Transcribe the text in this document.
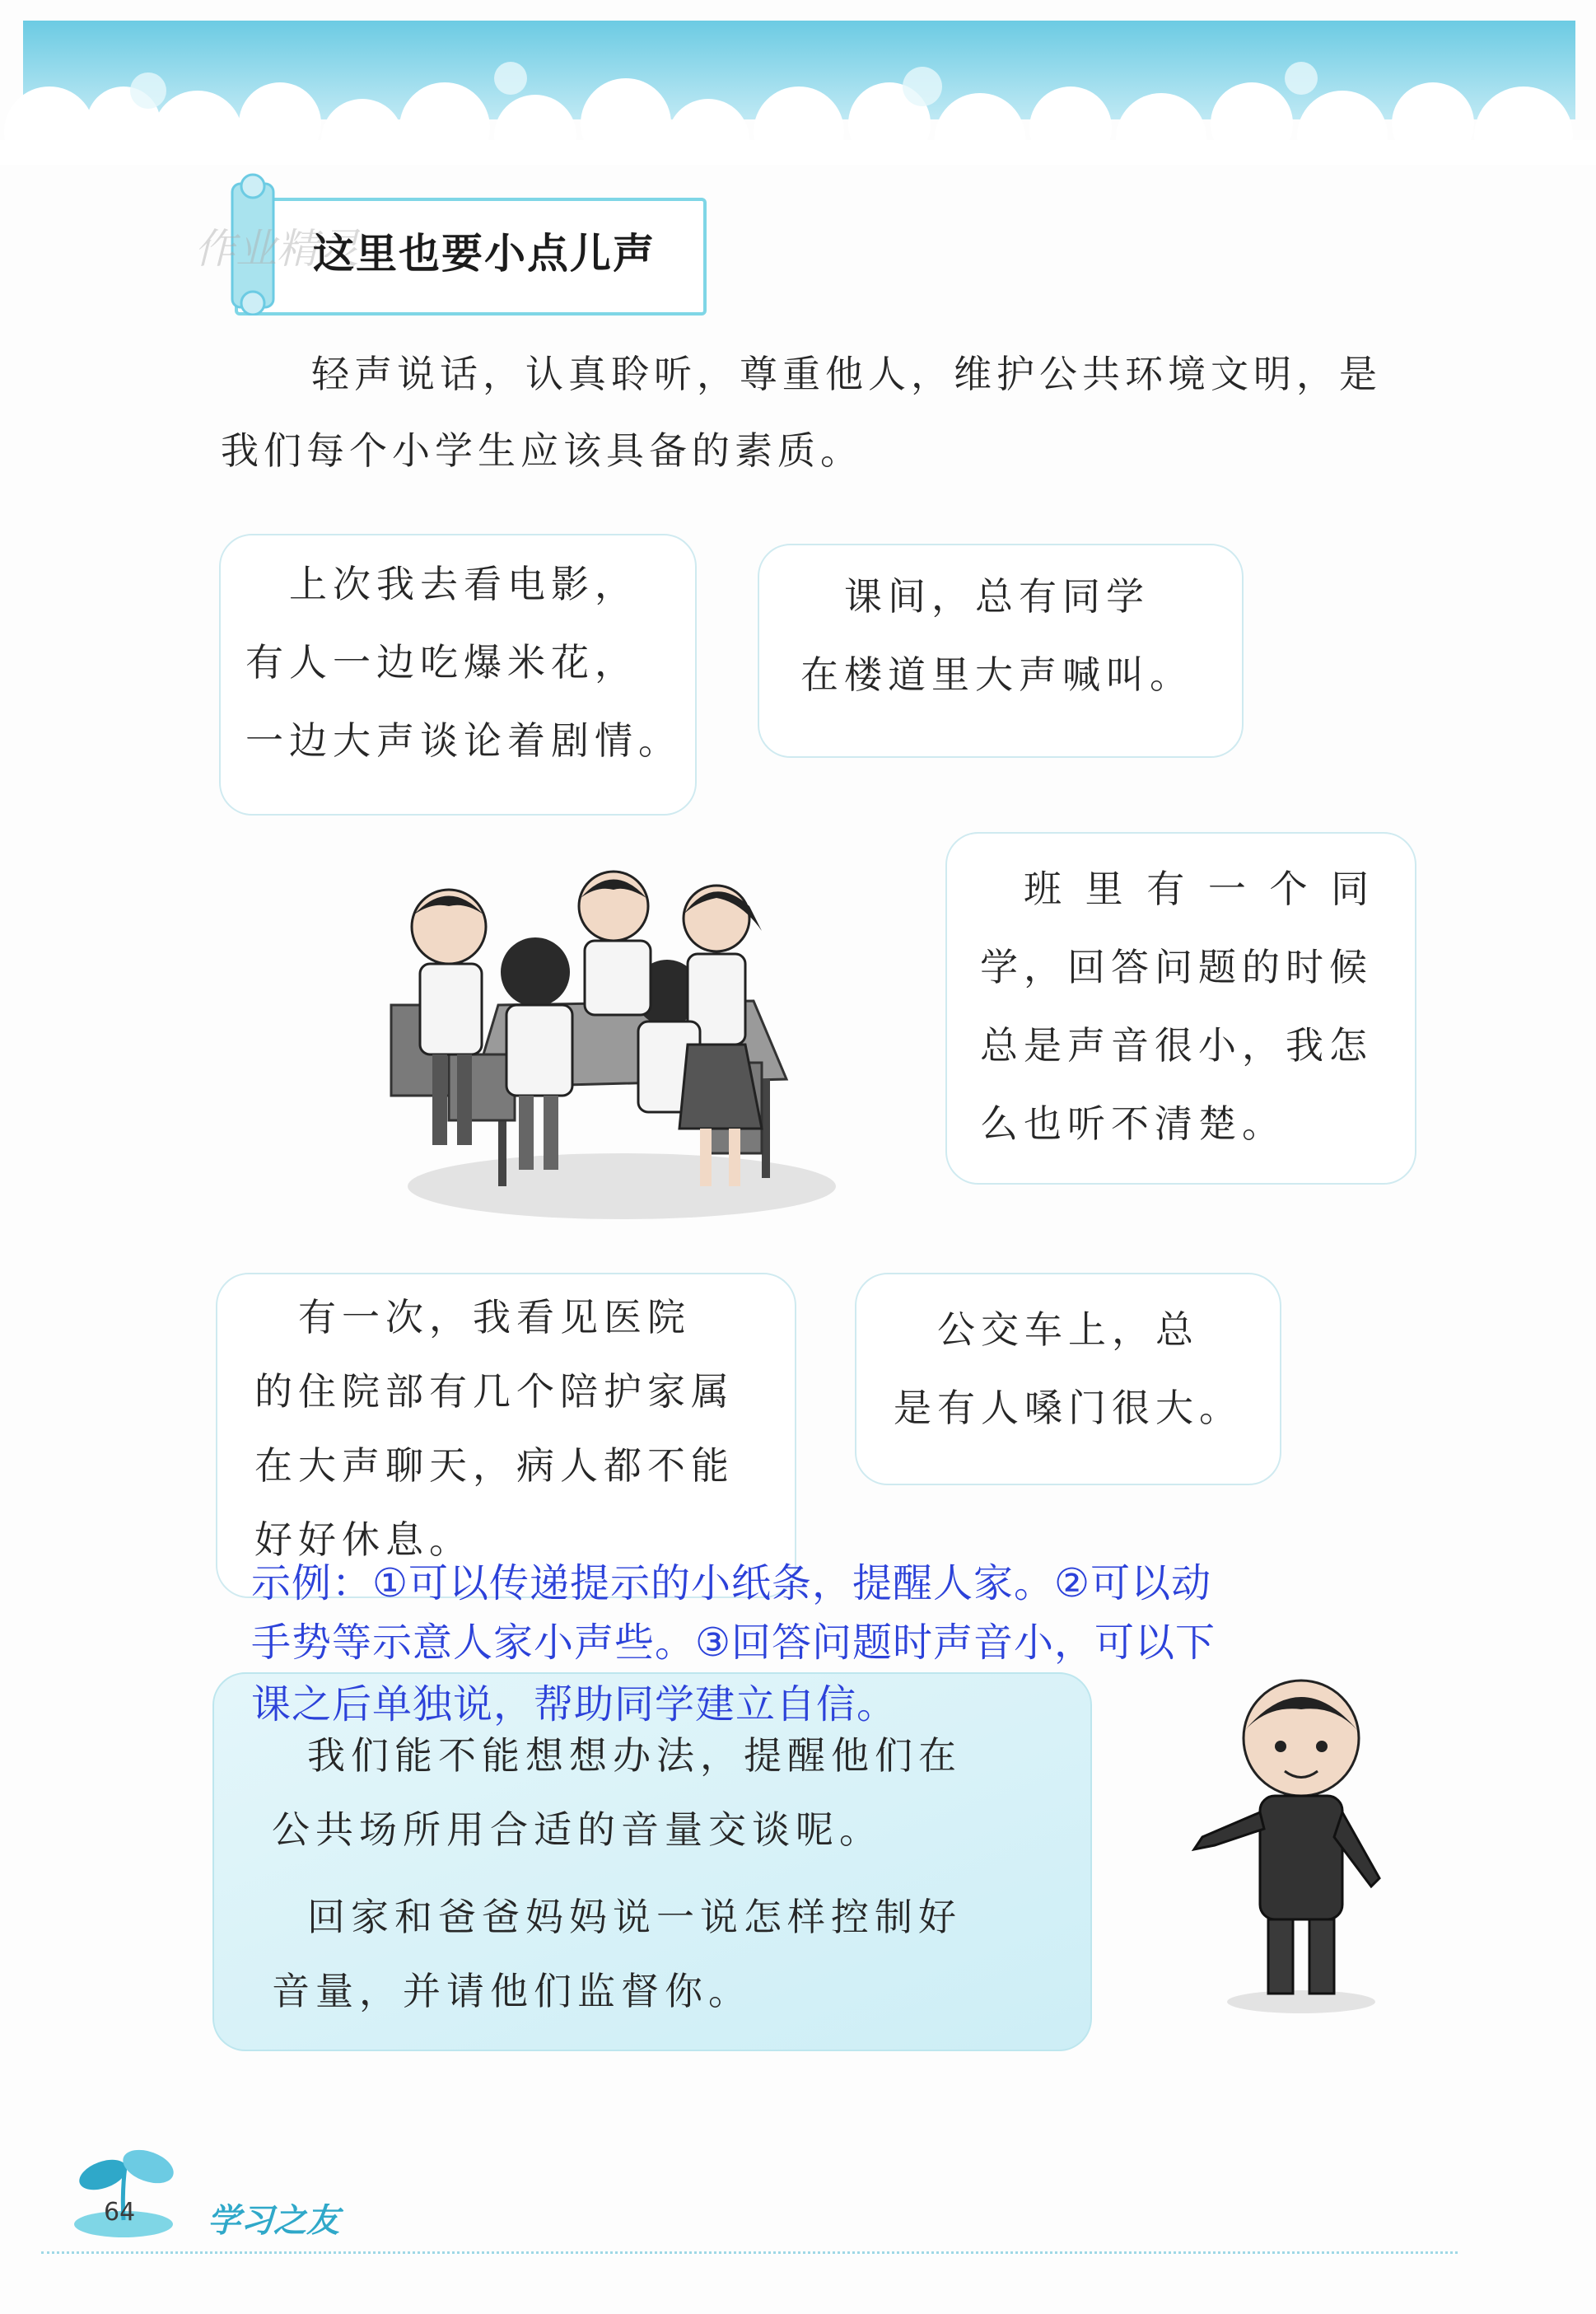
作业精灵
这里也要小点儿声
轻声说话，认真聆听，尊重他人，维护公共环境文明，是
我们每个小学生应该具备的素质。
　上次我去看电影，
有人一边吃爆米花，
一边大声谈论着剧情。
　课间，总有同学
在楼道里大声喊叫。
　班 里 有 一 个 同
学，回答问题的时候
总是声音很小，我怎
么也听不清楚。
　有一次，我看见医院
的住院部有几个陪护家属
在大声聊天，病人都不能
好好休息。
　公交车上，总
是有人嗓门很大。
　我们能不能想想办法，提醒他们在
公共场所用合适的音量交谈呢。
　回家和爸爸妈妈说一说怎样控制好
音量，并请他们监督你。
示例：①可以传递提示的小纸条，提醒人家。②可以动
手势等示意人家小声些。③回答问题时声音小，可以下
课之后单独说，帮助同学建立自信。
64 学习之友
